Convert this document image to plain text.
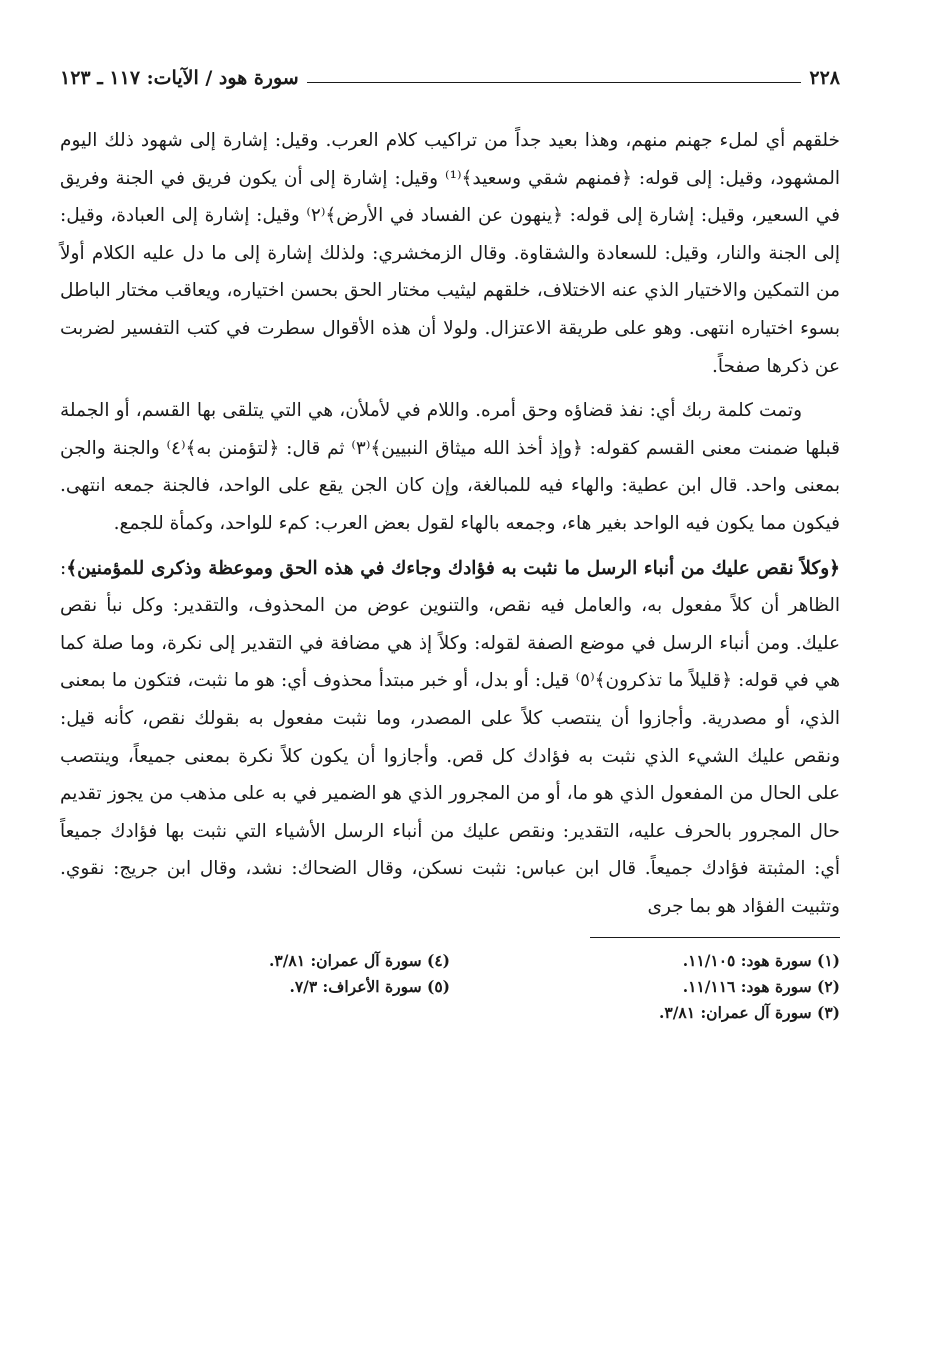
٢٢٨
سورة هود / الآيات: ١١٧ ـ ١٢٣

خلقهم أي لملء جهنم منهم، وهذا بعيد جداً من تراكيب كلام العرب. وقيل: إشارة إلى شهود ذلك اليوم المشهود، وقيل: إلى قوله: ﴿فمنهم شقي وسعيد﴾⁽¹⁾ وقيل: إشارة إلى أن يكون فريق في الجنة وفريق في السعير، وقيل: إشارة إلى قوله: ﴿ينهون عن الفساد في الأرض﴾⁽٢⁾ وقيل: إشارة إلى العبادة، وقيل: إلى الجنة والنار، وقيل: للسعادة والشقاوة. وقال الزمخشري: ولذلك إشارة إلى ما دل عليه الكلام أولاً من التمكين والاختيار الذي عنه الاختلاف، خلقهم ليثيب مختار الحق بحسن اختياره، ويعاقب مختار الباطل بسوء اختياره انتهى. وهو على طريقة الاعتزال. ولولا أن هذه الأقوال سطرت في كتب التفسير لضربت عن ذكرها صفحاً.

وتمت كلمة ربك أي: نفذ قضاؤه وحق أمره. واللام في لأملأن، هي التي يتلقى بها القسم، أو الجملة قبلها ضمنت معنى القسم كقوله: ﴿وإذ أخذ الله ميثاق النبيين﴾⁽٣⁾ ثم قال: ﴿لتؤمنن به﴾⁽٤⁾ والجنة والجن بمعنى واحد. قال ابن عطية: والهاء فيه للمبالغة، وإن كان الجن يقع على الواحد، فالجنة جمعه انتهى. فيكون مما يكون فيه الواحد بغير هاء، وجمعه بالهاء لقول بعض العرب: كمء للواحد، وكمأة للجمع.

﴿وكلاً نقص عليك من أنباء الرسل ما نثبت به فؤادك وجاءك في هذه الحق وموعظة وذكرى للمؤمنين﴾: الظاهر أن كلاً مفعول به، والعامل فيه نقص، والتنوين عوض من المحذوف، والتقدير: وكل نبأ نقص عليك. ومن أنباء الرسل في موضع الصفة لقوله: وكلاً إذ هي مضافة في التقدير إلى نكرة، وما صلة كما هي في قوله: ﴿قليلاً ما تذكرون﴾⁽٥⁾ قيل: أو بدل، أو خبر مبتدأ محذوف أي: هو ما نثبت، فتكون ما بمعنى الذي، أو مصدرية. وأجازوا أن ينتصب كلاً على المصدر، وما نثبت مفعول به بقولك نقص، كأنه قيل: ونقص عليك الشيء الذي نثبت به فؤادك كل قص. وأجازوا أن يكون كلاً نكرة بمعنى جميعاً، وينتصب على الحال من المفعول الذي هو ما، أو من المجرور الذي هو الضمير في به على مذهب من يجوز تقديم حال المجرور بالحرف عليه، التقدير: ونقص عليك من أنباء الرسل الأشياء التي نثبت بها فؤادك جميعاً أي: المثبتة فؤادك جميعاً. قال ابن عباس: نثبت نسكن، وقال الضحاك: نشد، وقال ابن جريج: نقوي. وتثبيت الفؤاد هو بما جرى

(١) سورة هود: ١١/١٠٥.
(٢) سورة هود: ١١/١١٦.
(٣) سورة آل عمران: ٣/٨١.
(٤) سورة آل عمران: ٣/٨١.
(٥) سورة الأعراف: ٧/٣.
